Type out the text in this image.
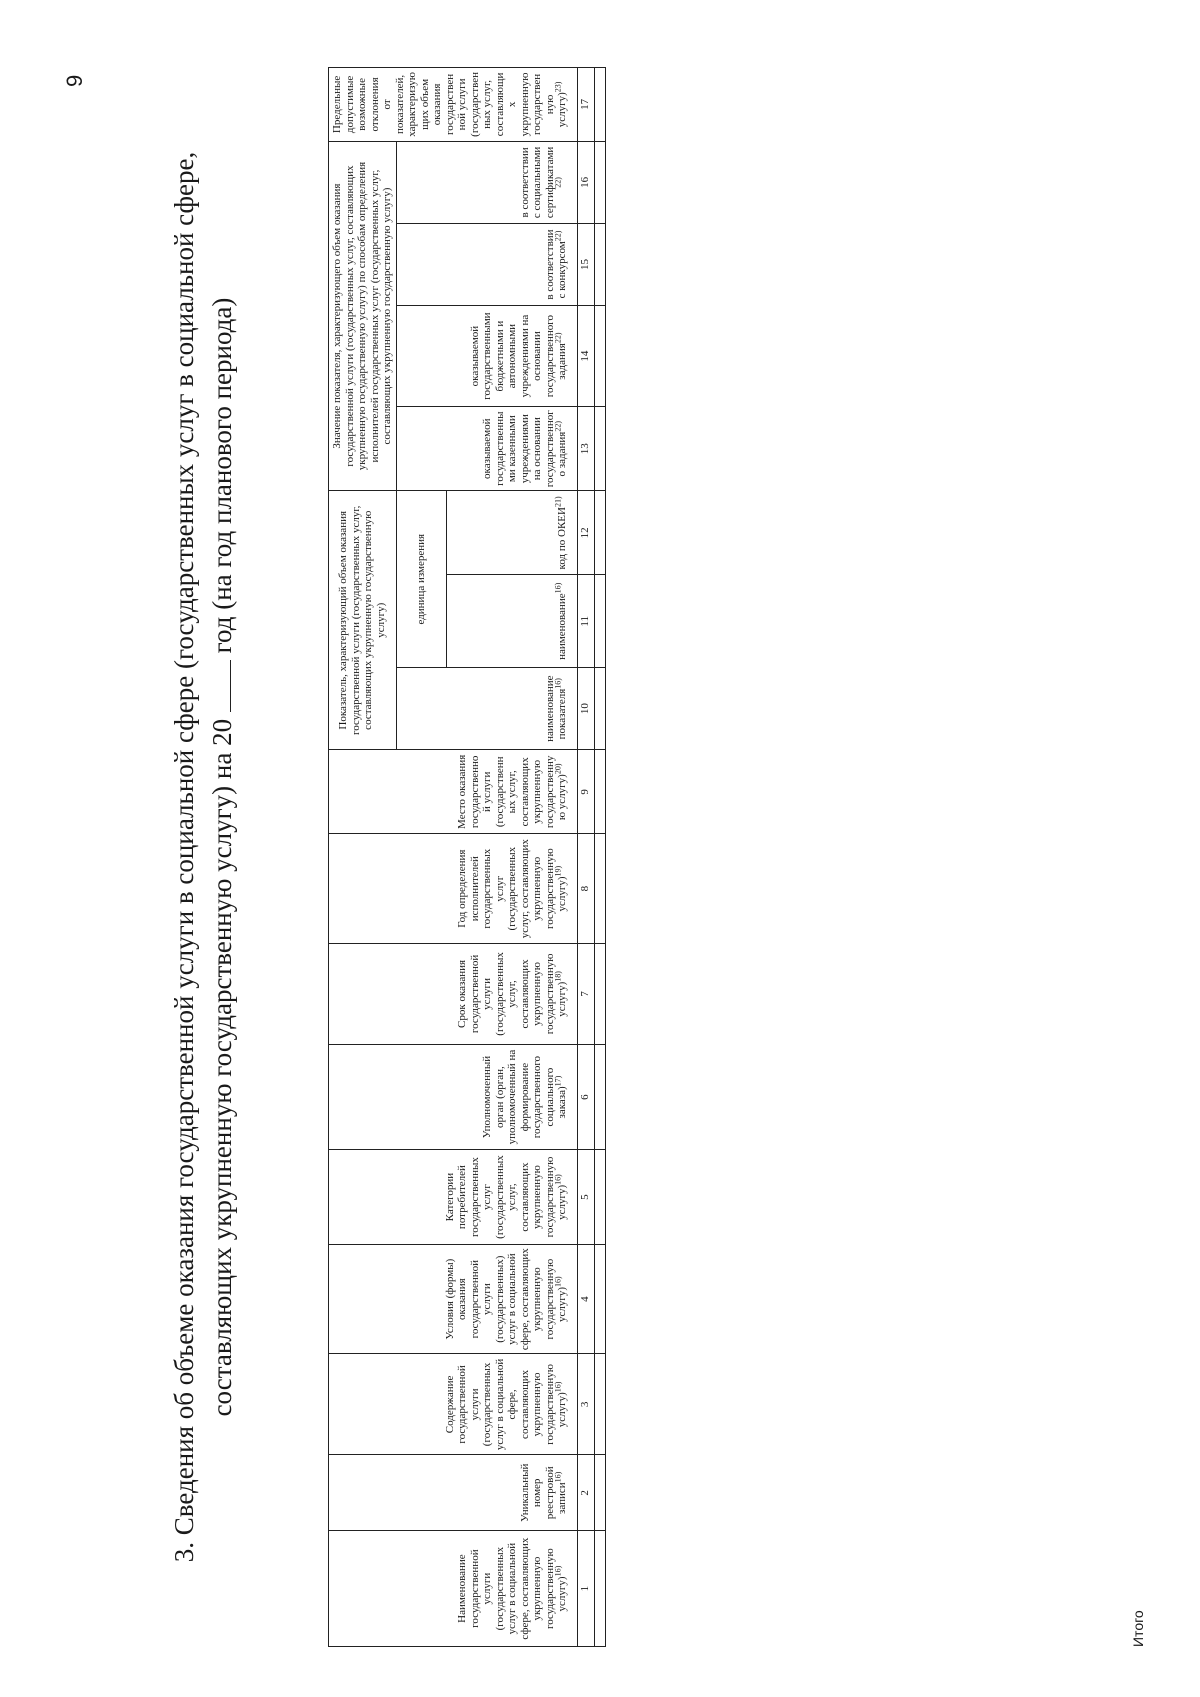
9
3. Сведения об объеме оказания государственной услуги в социальной сфере (государственных услуг в социальной сфере, составляющих укрупненную государственную услугу) на 20  год (на год планового периода)
Наименование государственной услуги (государственных услуг в социальной сфере, составляющих укрупненную государственную услугу)$^{16)}$	Уникальный номер реестровой записи$^{16)}$	Содержание государственной услуги (государственных услуг в социальной сфере, составляющих укрупненную государственную услугу)$^{16)}$	Условия (формы) оказания государственной услуги (государственных) услуг в социальной сфере, составляющих укрупненную государственную услугу)$^{16)}$	Категории потребителей государственных услуг (государственных услуг, составляющих укрупненную государственную услугу)$^{16)}$	Уполномоченный орган (орган, уполномоченный на формирование государственного социального заказа)$^{17)}$	Срок оказания государственной услуги (государственных услуг, составляющих укрупненную государственную услугу)$^{18)}$	Год определения исполнителей государственных услуг (государственных услуг, составляющих укрупненную государственную услугу)$^{19)}$	Место оказания государственной услуги (государственных услуг, составляющих укрупненную государственную услугу)$^{20)}$	Показатель, характеризующий объем оказания государственной услуги (государственных услуг, составляющих укрупненную государственную услугу)			Значение показателя, характеризующего объем оказания государственной услуги (государственных услуг, составляющих укрупненную государственную услугу) по способам определения исполнителей государственных услуг (государственных услуг, составляющих укрупненную государственную услугу)				Предельные допустимые возможные отклонения от показателей, характеризующих объем оказания государственной услуги (государственных услуг, составляющих укрупненную государственную услугу)$^{23)}$
									наименование показателя$^{16)}$	единица измерения		оказываемой государственными казенными учреждениями на основании государственного задания$^{22)}$	оказываемой государственными бюджетными и автономными учреждениями на основании государственного задания$^{22)}$	в соответствии с конкурсом$^{22)}$	в соответствии с социальными сертификатами$^{22)}$
										наименование$^{16)}$	код по ОКЕИ$^{21)}$
1	2	3	4	5	6	7	8	9	10	11	12	13	14	15	16	17

Итого
